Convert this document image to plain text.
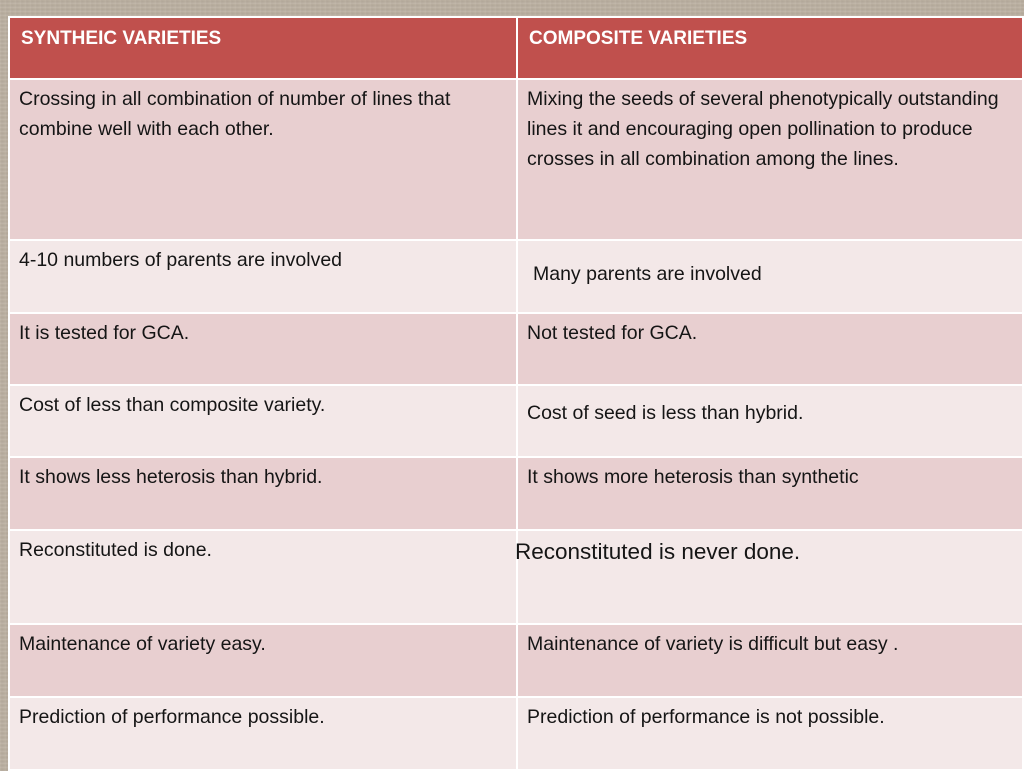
SYNTHEIC VARIETIES	COMPOSITE VARIETIES
Crossing in all combination of number of lines that combine well with each other.	Mixing the seeds of several phenotypically outstanding lines it and encouraging open pollination to produce crosses in all combination among the lines.
4-10 numbers of parents are involved	Many parents are involved
It is tested for GCA.	Not tested for GCA.
Cost of less than composite variety.	Cost of seed is less than hybrid.
It shows less heterosis than hybrid.	It shows more heterosis than synthetic
Reconstituted is done.	Reconstituted is never done.
Maintenance of variety easy.	Maintenance of variety is difficult but easy .
Prediction of performance possible.	Prediction of performance is not possible.
